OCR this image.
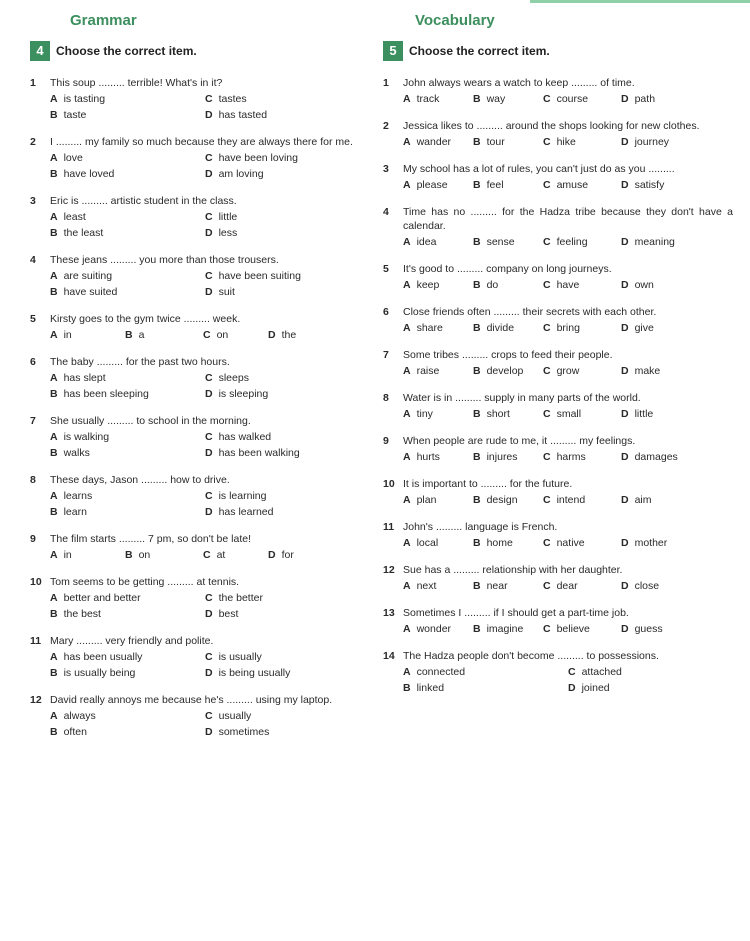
Grammar
4	Choose the correct item.
1	This soup ......... terrible! What's in it?
A is tasting	C tastes
B taste	D has tasted
2	I ......... my family so much because they are always there for me.
A love	C have been loving
B have loved	D am loving
3	Eric is ......... artistic student in the class.
A least	C little
B the least	D less
4	These jeans ......... you more than those trousers.
A are suiting	C have been suiting
B have suited	D suit
5	Kirsty goes to the gym twice ......... week.
A in	B a	C on	D the
6	The baby ......... for the past two hours.
A has slept	C sleeps
B has been sleeping	D is sleeping
7	She usually ......... to school in the morning.
A is walking	C has walked
B walks	D has been walking
8	These days, Jason ......... how to drive.
A learns	C is learning
B learn	D has learned
9	The film starts ......... 7 pm, so don't be late!
A in	B on	C at	D for
10 Tom seems to be getting ......... at tennis.
A better and better	C the better
B the best	D best
11 Mary ......... very friendly and polite.
A has been usually	C is usually
B is usually being	D is being usually
12 David really annoys me because he's ......... using my laptop.
A always	C usually
B often	D sometimes
Vocabulary
5	Choose the correct item.
1	John always wears a watch to keep ......... of time.
A track	B way	C course	D path
2	Jessica likes to ......... around the shops looking for new clothes.
A wander	B tour	C hike	D journey
3	My school has a lot of rules, you can't just do as you .........
A please	B feel	C amuse	D satisfy
4	Time has no ......... for the Hadza tribe because they don't have a calendar.
A idea	B sense	C feeling	D meaning
5	It's good to ......... company on long journeys.
A keep	B do	C have	D own
6	Close friends often ......... their secrets with each other.
A share	B divide	C bring	D give
7	Some tribes ......... crops to feed their people.
A raise	B develop	C grow	D make
8	Water is in ......... supply in many parts of the world.
A tiny	B short	C small	D little
9	When people are rude to me, it ......... my feelings.
A hurts	B injures	C harms	D damages
10 It is important to ......... for the future.
A plan	B design	C intend	D aim
11 John's ......... language is French.
A local	B home	C native	D mother
12 Sue has a ......... relationship with her daughter.
A next	B near	C dear	D close
13 Sometimes I ......... if I should get a part-time job.
A wonder	B imagine	C believe	D guess
14 The Hadza people don't become ......... to possessions.
A connected	C attached
B linked	D joined
